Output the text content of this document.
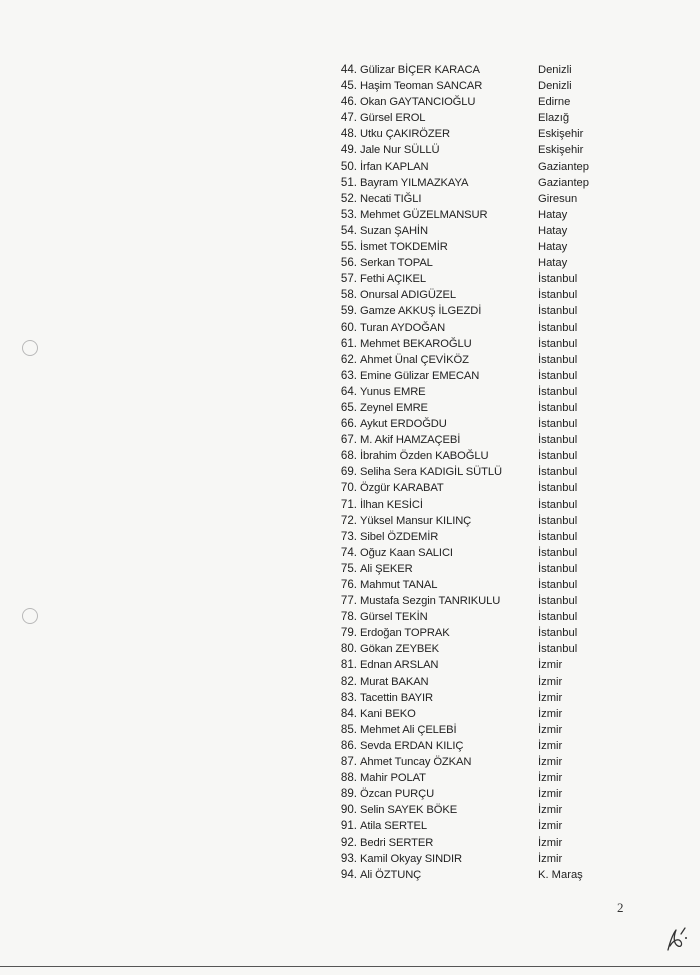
44. Gülizar BİÇER KARACA	Denizli
45. Haşim Teoman SANCAR	Denizli
46. Okan GAYTANCIOĞLU	Edirne
47. Gürsel EROL	Elazığ
48. Utku ÇAKIRÖZER	Eskişehir
49. Jale Nur SÜLLÜ	Eskişehir
50. İrfan KAPLAN	Gaziantep
51. Bayram YILMAZKAYA	Gaziantep
52. Necati TIĞLI	Giresun
53. Mehmet GÜZELMANSUR	Hatay
54. Suzan ŞAHİN	Hatay
55. İsmet TOKDEMİR	Hatay
56. Serkan TOPAL	Hatay
57. Fethi AÇIKEL	İstanbul
58. Onursal ADIGÜZEL	İstanbul
59. Gamze AKKUŞ İLGEZDİ	İstanbul
60. Turan AYDOĞAN	İstanbul
61. Mehmet BEKAROĞLU	İstanbul
62. Ahmet Ünal ÇEVİKÖZ	İstanbul
63. Emine Gülizar EMECAN	İstanbul
64. Yunus EMRE	İstanbul
65. Zeynel EMRE	İstanbul
66. Aykut ERDOĞDU	İstanbul
67. M. Akif HAMZAÇEBİ	İstanbul
68. İbrahim Özden KABOĞLU	İstanbul
69. Seliha Sera KADIGİL SÜTLÜ	İstanbul
70. Özgür KARABAT	İstanbul
71. İlhan KESİCİ	İstanbul
72. Yüksel Mansur KILINÇ	İstanbul
73. Sibel ÖZDEMİR	İstanbul
74. Oğuz Kaan SALICI	İstanbul
75. Ali ŞEKER	İstanbul
76. Mahmut TANAL	İstanbul
77. Mustafa Sezgin TANRIKULU	İstanbul
78. Gürsel TEKİN	İstanbul
79. Erdoğan TOPRAK	İstanbul
80. Gökan ZEYBEK	İstanbul
81. Ednan ARSLAN	İzmir
82. Murat BAKAN	İzmir
83. Tacettin BAYIR	İzmir
84. Kani BEKO	İzmir
85. Mehmet Ali ÇELEBİ	İzmir
86. Sevda ERDAN KILIÇ	İzmir
87. Ahmet Tuncay ÖZKAN	İzmir
88. Mahir POLAT	İzmir
89. Özcan PURÇU	İzmir
90. Selin SAYEK BÖKE	İzmir
91. Atila SERTEL	İzmir
92. Bedri SERTER	İzmir
93. Kamil Okyay SINDIR	İzmir
94. Ali ÖZTUNÇ	K. Maraş
2
